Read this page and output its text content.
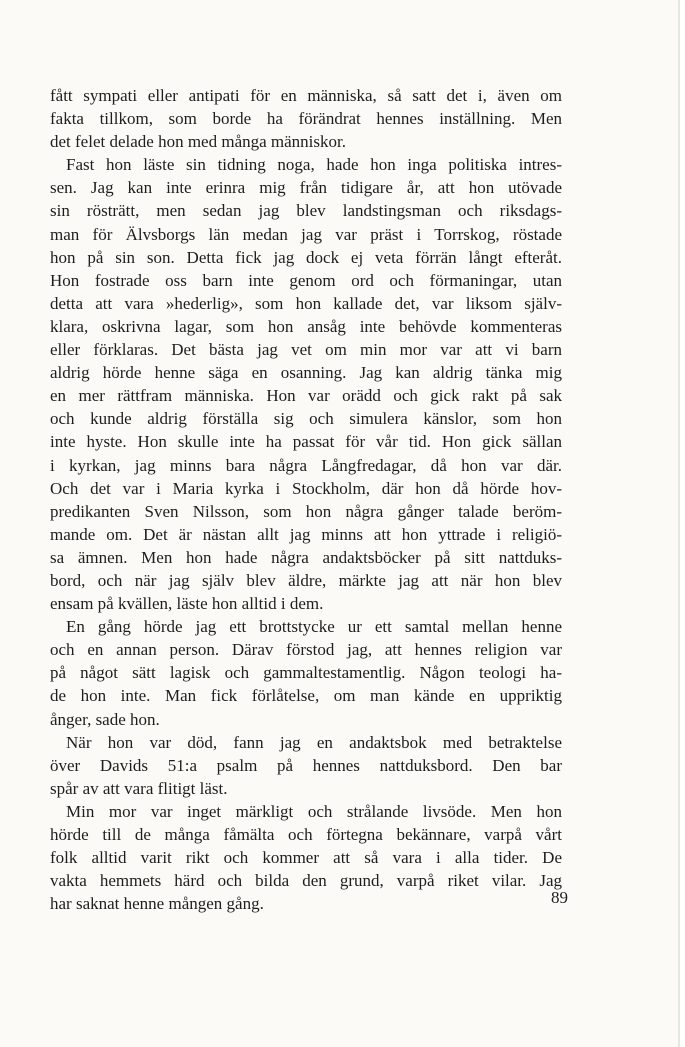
fått sympati eller antipati för en människa, så satt det i, även om
fakta tillkom, som borde ha förändrat hennes inställning. Men
det felet delade hon med många människor.
Fast hon läste sin tidning noga, hade hon inga politiska intres-
sen. Jag kan inte erinra mig från tidigare år, att hon utövade
sin rösträtt, men sedan jag blev landstingsman och riksdags-
man för Älvsborgs län medan jag var präst i Torrskog, röstade
hon på sin son. Detta fick jag dock ej veta förrän långt efteråt.
Hon fostrade oss barn inte genom ord och förmaningar, utan
detta att vara »hederlig», som hon kallade det, var liksom själv-
klara, oskrivna lagar, som hon ansåg inte behövde kommenteras
eller förklaras. Det bästa jag vet om min mor var att vi barn
aldrig hörde henne säga en osanning. Jag kan aldrig tänka mig
en mer rättfram människa. Hon var orädd och gick rakt på sak
och kunde aldrig förställa sig och simulera känslor, som hon
inte hyste. Hon skulle inte ha passat för vår tid. Hon gick sällan
i kyrkan, jag minns bara några Långfredagar, då hon var där.
Och det var i Maria kyrka i Stockholm, där hon då hörde hov-
predikanten Sven Nilsson, som hon några gånger talade beröm-
mande om. Det är nästan allt jag minns att hon yttrade i religiö-
sa ämnen. Men hon hade några andaktsböcker på sitt nattduks-
bord, och när jag själv blev äldre, märkte jag att när hon blev
ensam på kvällen, läste hon alltid i dem.
En gång hörde jag ett brottstycke ur ett samtal mellan henne
och en annan person. Därav förstod jag, att hennes religion var
på något sätt lagisk och gammaltestamentlig. Någon teologi ha-
de hon inte. Man fick förlåtelse, om man kände en uppriktig
ånger, sade hon.
När hon var död, fann jag en andaktsbok med betraktelse
över Davids 51:a psalm på hennes nattduksbord. Den bar
spår av att vara flitigt läst.
Min mor var inget märkligt och strålande livsöde. Men hon
hörde till de många fåmälta och förtegna bekännare, varpå vårt
folk alltid varit rikt och kommer att så vara i alla tider. De
vakta hemmets härd och bilda den grund, varpå riket vilar. Jag
har saknat henne mången gång.	89
